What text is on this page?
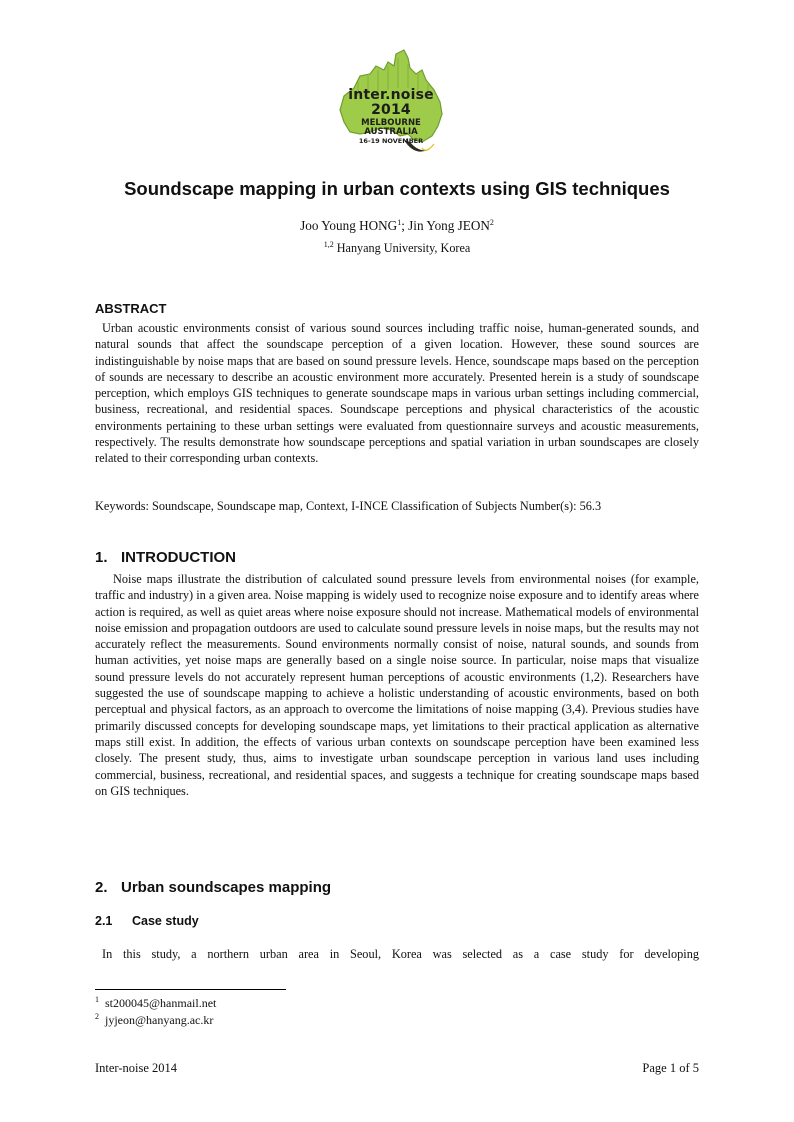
inter.noise 2014
MELBOURNE AUSTRALIA
16-19 NOVEMBER
Soundscape mapping in urban contexts using GIS techniques
Joo Young HONG$^1$; Jin Yong JEON$^2$
$^{1,2}$ Hanyang University, Korea
ABSTRACT
Urban acoustic environments consist of various sound sources including traffic noise, human-generated sounds, and natural sounds that affect the soundscape perception of a given location. However, these sound sources are indistinguishable by noise maps that are based on sound pressure levels. Hence, soundscape maps based on the perception of sounds are necessary to describe an acoustic environment more accurately. Presented herein is a study of soundscape perception, which employs GIS techniques to generate soundscape maps in various urban settings including commercial, business, recreational, and residential spaces. Soundscape perceptions and physical characteristics of the acoustic environments pertaining to these urban settings were evaluated from questionnaire surveys and acoustic measurements, respectively. The results demonstrate how soundscape perceptions and spatial variation in urban soundscapes are closely related to their corresponding urban contexts.
Keywords: Soundscape, Soundscape map, Context, I-INCE Classification of Subjects Number(s): 56.3
1. INTRODUCTION
Noise maps illustrate the distribution of calculated sound pressure levels from environmental noises (for example, traffic and industry) in a given area. Noise mapping is widely used to recognize noise exposure and to identify areas where action is required, as well as quiet areas where noise exposure should not increase. Mathematical models of environmental noise emission and propagation outdoors are used to calculate sound pressure levels in noise maps, but the results may not accurately reflect the measurements. Sound environments normally consist of noise, natural sounds, and sounds from human activities, yet noise maps are generally based on a single noise source. In particular, noise maps that visualize sound pressure levels do not accurately represent human perceptions of acoustic environments (1,2). Researchers have suggested the use of soundscape mapping to achieve a holistic understanding of acoustic environments, based on both perceptual and physical factors, as an approach to overcome the limitations of noise mapping (3,4). Previous studies have primarily discussed concepts for developing soundscape maps, yet limitations to their practical application as alternative maps still exist. In addition, the effects of various urban contexts on soundscape perception have been examined less closely. The present study, thus, aims to investigate urban soundscape perception in various land uses including commercial, business, recreational, and residential spaces, and suggests a technique for creating soundscape maps based on GIS techniques.
2. Urban soundscapes mapping
2.1 Case study
In this study, a northern urban area in Seoul, Korea was selected as a case study for developing
1 st200045@hanmail.net
2 jyjeon@hanyang.ac.kr
Inter-noise 2014	Page 1 of 5
